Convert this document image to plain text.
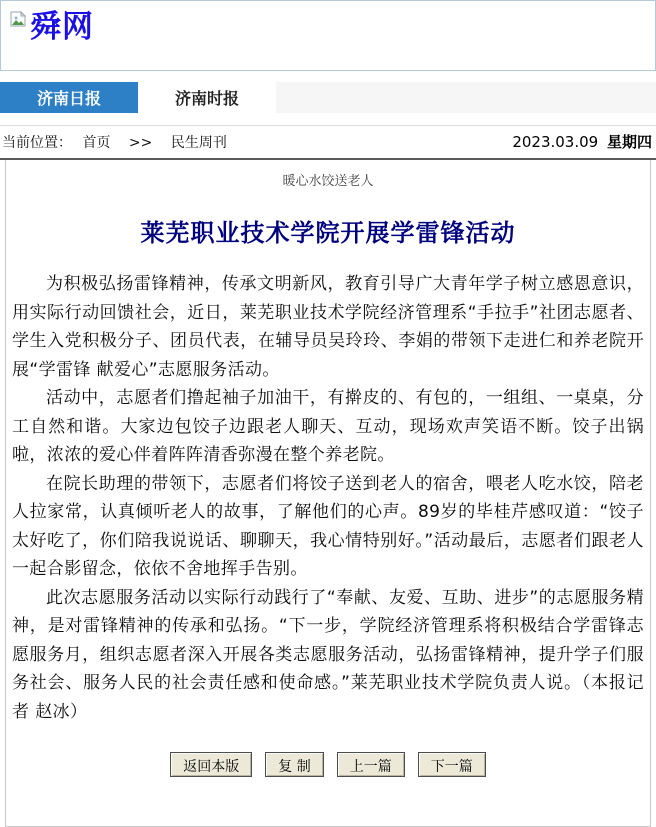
舜网
济南日报	济南时报
当前位置： 首页 >> 民生周刊	2023.03.09 星期四
暖心水饺送老人
莱芜职业技术学院开展学雷锋活动

为积极弘扬雷锋精神，传承文明新风，教育引导广大青年学子树立感恩意识，用实际行动回馈社会，近日，莱芜职业技术学院经济管理系“手拉手”社团志愿者、学生入党积极分子、团员代表，在辅导员吴玲玲、李娟的带领下走进仁和养老院开展“学雷锋 献爱心”志愿服务活动。

活动中，志愿者们撸起袖子加油干，有擀皮的、有包的，一组组、一桌桌，分工自然和谐。大家边包饺子边跟老人聊天、互动，现场欢声笑语不断。饺子出锅啦，浓浓的爱心伴着阵阵清香弥漫在整个养老院。

在院长助理的带领下，志愿者们将饺子送到老人的宿舍，喂老人吃水饺，陪老人拉家常，认真倾听老人的故事，了解他们的心声。89岁的毕桂芹感叹道：“饺子太好吃了，你们陪我说说话、聊聊天，我心情特别好。”活动最后，志愿者们跟老人一起合影留念，依依不舍地挥手告别。

此次志愿服务活动以实际行动践行了“奉献、友爱、互助、进步”的志愿服务精神，是对雷锋精神的传承和弘扬。“下一步，学院经济管理系将积极结合学雷锋志愿服务月，组织志愿者深入开展各类志愿服务活动，弘扬雷锋精神，提升学子们服务社会、服务人民的社会责任感和使命感。”莱芜职业技术学院负责人说。（本报记者 赵冰）

返回本版	复 制	上一篇	下一篇
